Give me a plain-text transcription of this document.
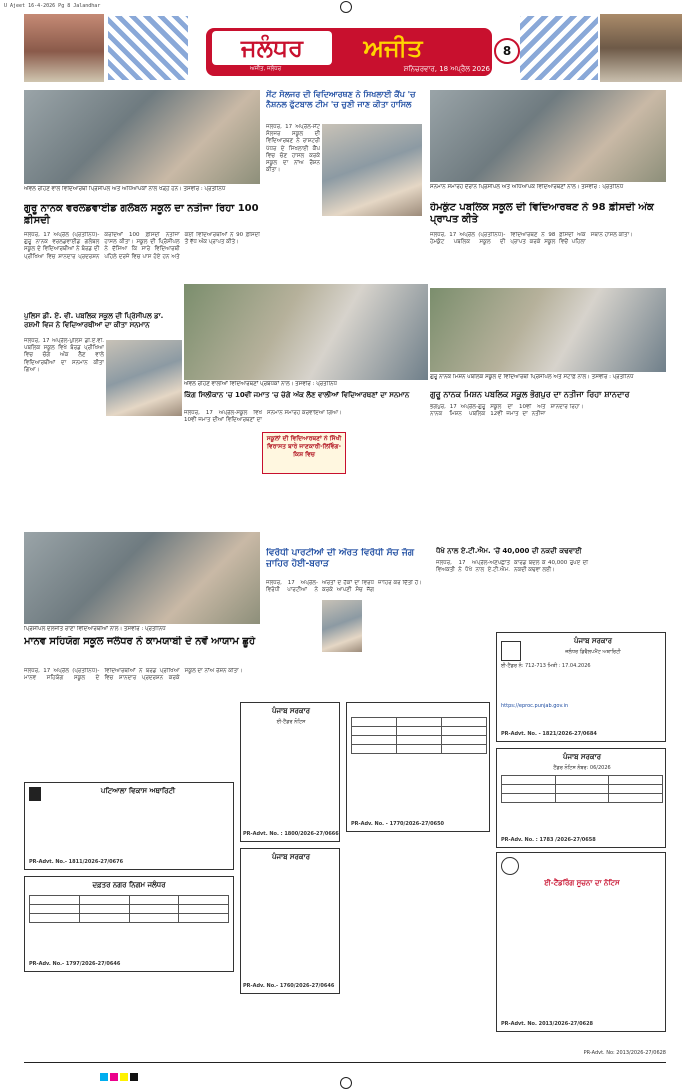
U Ajeet 16-4-2026 Pg 8 Jalandhar
ਜਲੰਧਰ	ਅਜੀਤ
ਅਜੀਤ, ਜਲੰਧਰ	ਸ਼ਨਿਚਰਵਾਰ, 18 ਅਪ੍ਰੈਲ 2026
8
ਅੱਵਲ ਰਹਿਣ ਵਾਲੇ ਵਿਦਿਆਰਥੀ ਪ੍ਰਿੰਸੀਪਲ ਅਤੇ ਅਧਿਆਪਕਾਂ ਨਾਲ ਖੜ੍ਹੇ ਹਨ। ਤਸਵੀਰ : ਪ੍ਰਤੀਨਿਧ
ਗੁਰੂ ਨਾਨਕ ਵਰਲਡਵਾਈਡ ਗਲੋਬਲ ਸਕੂਲ ਦਾ ਨਤੀਜਾ ਰਿਹਾ 100 ਫ਼ੀਸਦੀ
ਜਲੰਧਰ, 17 ਅਪ੍ਰੈਲ (ਪ੍ਰਤੀਨਿਧ)-ਗੁਰੂ ਨਾਨਕ ਵਰਲਡਵਾਈਡ ਗਲੋਬਲ ਸਕੂਲ ਦੇ ਵਿਦਿਆਰਥੀਆਂ ਨੇ ਬੋਰਡ ਦੀ ਪ੍ਰੀਖਿਆ ਵਿਚ ਸ਼ਾਨਦਾਰ ਪ੍ਰਦਰਸ਼ਨ ਕਰਦਿਆਂ 100 ਫ਼ੀਸਦੀ ਨਤੀਜਾ ਹਾਸਲ ਕੀਤਾ। ਸਕੂਲ ਦੀ ਪ੍ਰਿੰਸੀਪਲ ਨੇ ਦੱਸਿਆ ਕਿ ਸਾਰੇ ਵਿਦਿਆਰਥੀ ਪਹਿਲੇ ਦਰਜੇ ਵਿਚ ਪਾਸ ਹੋਏ ਹਨ ਅਤੇ ਕਈ ਵਿਦਿਆਰਥੀਆਂ ਨੇ 90 ਫ਼ੀਸਦੀ ਤੋਂ ਵੱਧ ਅੰਕ ਪ੍ਰਾਪਤ ਕੀਤੇ।
ਸੇਂਟ ਸੋਲਜਰ ਦੀ ਵਿਦਿਆਰਥਣ ਨੇ ਸਿਖਲਾਈ ਕੈਂਪ 'ਚ ਨੈਸ਼ਨਲ ਫੁੱਟਬਾਲ ਟੀਮ 'ਚ ਚੁਣੀ ਜਾਣ ਕੀਤਾ ਹਾਸਿਲ
ਜਲੰਧਰ, 17 ਅਪ੍ਰੈਲ-ਸੇਂਟ ਸੋਲਜਰ ਸਕੂਲ ਦੀ ਵਿਦਿਆਰਥਣ ਨੇ ਰਾਸ਼ਟਰੀ ਪੱਧਰ ਦੇ ਸਿਖਲਾਈ ਕੈਂਪ ਵਿਚ ਚੋਣ ਹਾਸਲ ਕਰਕੇ ਸਕੂਲ ਦਾ ਨਾਂਅ ਰੌਸ਼ਨ ਕੀਤਾ।
ਸਨਮਾਨ ਸਮਾਰੋਹ ਦੌਰਾਨ ਪ੍ਰਿੰਸੀਪਲ ਅਤੇ ਅਧਿਆਪਕ ਵਿਦਿਆਰਥਣਾਂ ਨਾਲ। ਤਸਵੀਰ : ਪ੍ਰਤੀਨਿਧ
ਹੇਮਕੁੰਟ ਪਬਲਿਕ ਸਕੂਲ ਦੀ ਵਿਦਿਆਰਥਣ ਨੇ 98 ਫ਼ੀਸਦੀ ਅੰਕ ਪ੍ਰਾਪਤ ਕੀਤੇ
ਜਲੰਧਰ, 17 ਅਪ੍ਰੈਲ (ਪ੍ਰਤੀਨਿਧ)-ਹੇਮਕੁੰਟ ਪਬਲਿਕ ਸਕੂਲ ਦੀ ਵਿਦਿਆਰਥਣ ਨੇ 98 ਫ਼ੀਸਦੀ ਅੰਕ ਪ੍ਰਾਪਤ ਕਰਕੇ ਸਕੂਲ ਵਿਚੋਂ ਪਹਿਲਾ ਸਥਾਨ ਹਾਸਲ ਕੀਤਾ।
ਅੱਵਲ ਰਹਿਣ ਵਾਲੀਆਂ ਵਿਦਿਆਰਥਣਾਂ ਪ੍ਰਬੰਧਕਾਂ ਨਾਲ। ਤਸਵੀਰ : ਪ੍ਰਤੀਨਿਧ
ਪੁਲਿਸ ਡੀ. ਏ. ਵੀ. ਪਬਲਿਕ ਸਕੂਲ ਦੀ ਪ੍ਰਿੰਸੀਪਲ ਡਾ. ਰਸ਼ਮੀ ਵਿਜ ਨੇ ਵਿਦਿਆਰਥੀਆਂ ਦਾ ਕੀਤਾ ਸਨਮਾਨ
ਜਲੰਧਰ, 17 ਅਪ੍ਰੈਲ-ਪੁਲਿਸ ਡੀ.ਏ.ਵੀ. ਪਬਲਿਕ ਸਕੂਲ ਵਿਖੇ ਬੋਰਡ ਪ੍ਰੀਖਿਆ ਵਿਚ ਚੰਗੇ ਅੰਕ ਲੈਣ ਵਾਲੇ ਵਿਦਿਆਰਥੀਆਂ ਦਾ ਸਨਮਾਨ ਕੀਤਾ ਗਿਆ।
ਕਿੰਗ ਸਿਲੀਕਾਨ 'ਚ 10ਵੀਂ ਜਮਾਤ 'ਚ ਚੰਗੇ ਅੰਕ ਲੈਣ ਵਾਲੀਆਂ ਵਿਦਿਆਰਥਣਾਂ ਦਾ ਸਨਮਾਨ
ਜਲੰਧਰ, 17 ਅਪ੍ਰੈਲ-ਸਕੂਲ ਵਿਖੇ 10ਵੀਂ ਜਮਾਤ ਦੀਆਂ ਵਿਦਿਆਰਥਣਾਂ ਦਾ ਸਨਮਾਨ ਸਮਾਰੋਹ ਕਰਵਾਇਆ ਗਿਆ।
ਸਕੂਲਾਂ ਦੀ ਵਿਦਿਆਰਥਣਾਂ ਨੇ ਸਿੱਖੀ ਵਿਰਾਸਤ ਬਾਰੇ ਜਾਣਕਾਰੀ-ਲਿਵਿੰਗ-ਕਿਸ਼ ਵਿਚ
ਗੁਰੂ ਨਾਨਕ ਮਿਸ਼ਨ ਪਬਲਿਕ ਸਕੂਲ ਦੇ ਵਿਦਿਆਰਥੀ ਪ੍ਰਿੰਸੀਪਲ ਅਤੇ ਸਟਾਫ਼ ਨਾਲ। ਤਸਵੀਰ : ਪ੍ਰਤੀਨਿਧ
ਗੁਰੂ ਨਾਨਕ ਮਿਸ਼ਨ ਪਬਲਿਕ ਸਕੂਲ ਭੋਗਪੁਰ ਦਾ ਨਤੀਜਾ ਰਿਹਾ ਸ਼ਾਨਦਾਰ
ਭੋਗਪੁਰ, 17 ਅਪ੍ਰੈਲ-ਗੁਰੂ ਨਾਨਕ ਮਿਸ਼ਨ ਪਬਲਿਕ ਸਕੂਲ ਦਾ 10ਵੀਂ ਅਤੇ 12ਵੀਂ ਜਮਾਤ ਦਾ ਨਤੀਜਾ ਸ਼ਾਨਦਾਰ ਰਿਹਾ।
ਪ੍ਰਿੰਸੀਪਲ ਦਲਜੀਤ ਰਾਣਾ ਵਿਦਿਆਰਥੀਆਂ ਨਾਲ। ਤਸਵੀਰ : ਪ੍ਰਤੀਨਿਧ
ਮਾਨਵ ਸਹਿਯੋਗ ਸਕੂਲ ਜਲੰਧਰ ਨੇ ਕਾਮਯਾਬੀ ਦੇ ਨਵੇਂ ਆਯਾਮ ਛੂਹੇ
ਜਲੰਧਰ, 17 ਅਪ੍ਰੈਲ (ਪ੍ਰਤੀਨਿਧ)-ਮਾਨਵ ਸਹਿਯੋਗ ਸਕੂਲ ਦੇ ਵਿਦਿਆਰਥੀਆਂ ਨੇ ਬੋਰਡ ਪ੍ਰੀਖਿਆ ਵਿਚ ਸ਼ਾਨਦਾਰ ਪ੍ਰਦਰਸ਼ਨ ਕਰਕੇ ਸਕੂਲ ਦਾ ਨਾਂਅ ਰੌਸ਼ਨ ਕੀਤਾ।
ਵਿਰੋਧੀ ਪਾਰਟੀਆਂ ਦੀ ਔਰਤ ਵਿਰੋਧੀ ਸੋਚ ਜੱਗ ਜ਼ਾਹਿਰ ਹੋਈ-ਬਰਾੜ
ਜਲੰਧਰ, 17 ਅਪ੍ਰੈਲ-ਵਿਰੋਧੀ ਪਾਰਟੀਆਂ ਨੇ ਔਰਤਾਂ ਦੇ ਹੱਕਾਂ ਦਾ ਵਿਰੋਧ ਕਰਕੇ ਆਪਣੀ ਸੋਚ ਜੱਗ ਜ਼ਾਹਿਰ ਕਰ ਦਿੱਤੀ ਹੈ।
ਧੋਖੇ ਨਾਲ ਏ.ਟੀ.ਐਮ. 'ਚੋਂ 40,000 ਦੀ ਨਕਦੀ ਕਢਵਾਈ
ਜਲੰਧਰ, 17 ਅਪ੍ਰੈਲ-ਅਣਪਛਾਤੇ ਵਿਅਕਤੀ ਨੇ ਧੋਖੇ ਨਾਲ ਏ.ਟੀ.ਐਮ. ਕਾਰਡ ਬਦਲ ਕੇ 40,000 ਰੁਪਏ ਦੀ ਨਕਦੀ ਕਢਵਾ ਲਈ।
ਪੰਜਾਬ ਸਰਕਾਰ
ਜਲੰਧਰ ਡਿਵੈਲਪਮੈਂਟ ਅਥਾਰਿਟੀ
ਈ-ਟੈਂਡਰ ਨੰ: 712-713 ਮਿਤੀ : 17.04.2026
https://eproc.punjab.gov.in
PR-Advt. No. - 1821/2026-27/0684
ਪਟਿਆਲਾ ਵਿਕਾਸ ਅਥਾਰਿਟੀ
PR-Advt. No.- 1811/2026-27/0676
ਦਫ਼ਤਰ ਨਗਰ ਨਿਗਮ ਜਲੰਧਰ

PR-Adv. No.- 1797/2026-27/0646
ਪੰਜਾਬ ਸਰਕਾਰ
ਈ-ਟੈਂਡਰ ਨੋਟਿਸ
PR-Advt. No. : 1800/2026-27/0666
ਪੰਜਾਬ ਸਰਕਾਰ
PR-Adv. No.- 1760/2026-27/0646

PR-Adv. No. - 1770/2026-27/0650
ਪੰਜਾਬ ਸਰਕਾਰ
ਟੈਂਡਰ ਨੋਟਿਸ ਨੰਬਰ: 06/2026

PR-Adv. No. : 1783 /2026-27/0658
ਈ-ਟੈਂਡਰਿੰਗ ਸੂਚਨਾ ਦਾ ਨੋਟਿਸ
PR-Advt. No. 2013/2026-27/0628
PR-Advt. No: 2013/2026-27/0628
